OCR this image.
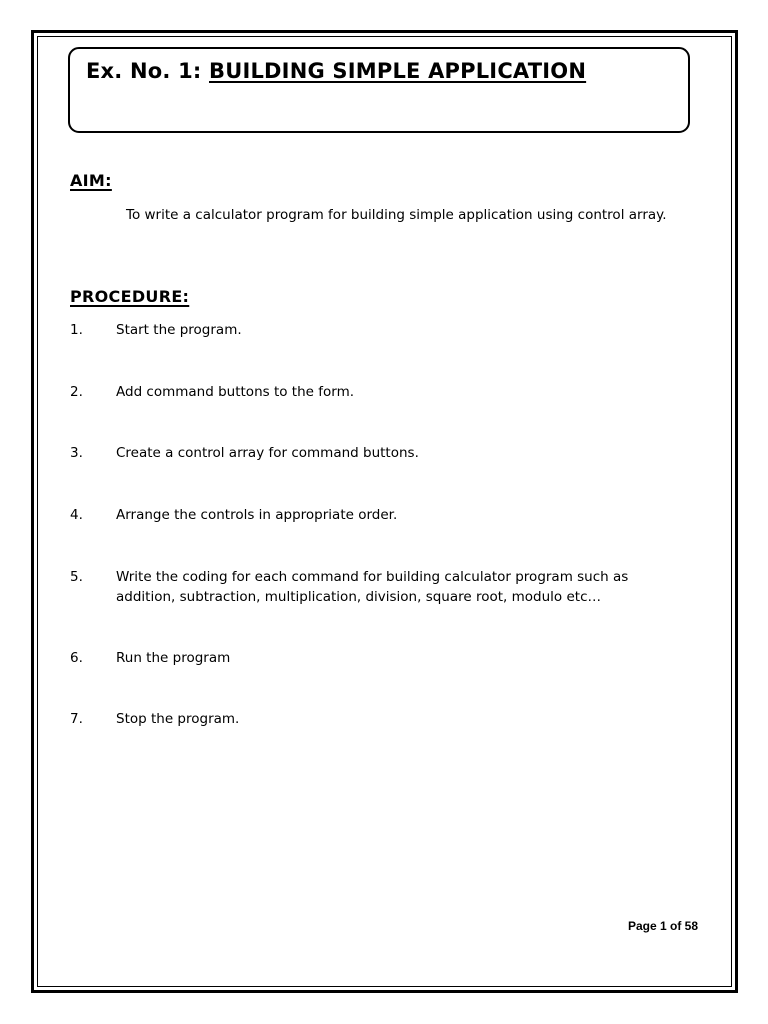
Ex. No. 1: BUILDING SIMPLE APPLICATION
AIM:
To write a calculator program for building simple application using control array.
PROCEDURE:
1.	Start the program.
2.	Add command buttons to the form.
3.	Create a control array for command buttons.
4.	Arrange the controls in appropriate order.
5.	Write the coding for each command for building calculator program such as addition, subtraction, multiplication, division, square root, modulo etc…
6.	Run the program
7.	Stop the program.
Page 1 of 58
